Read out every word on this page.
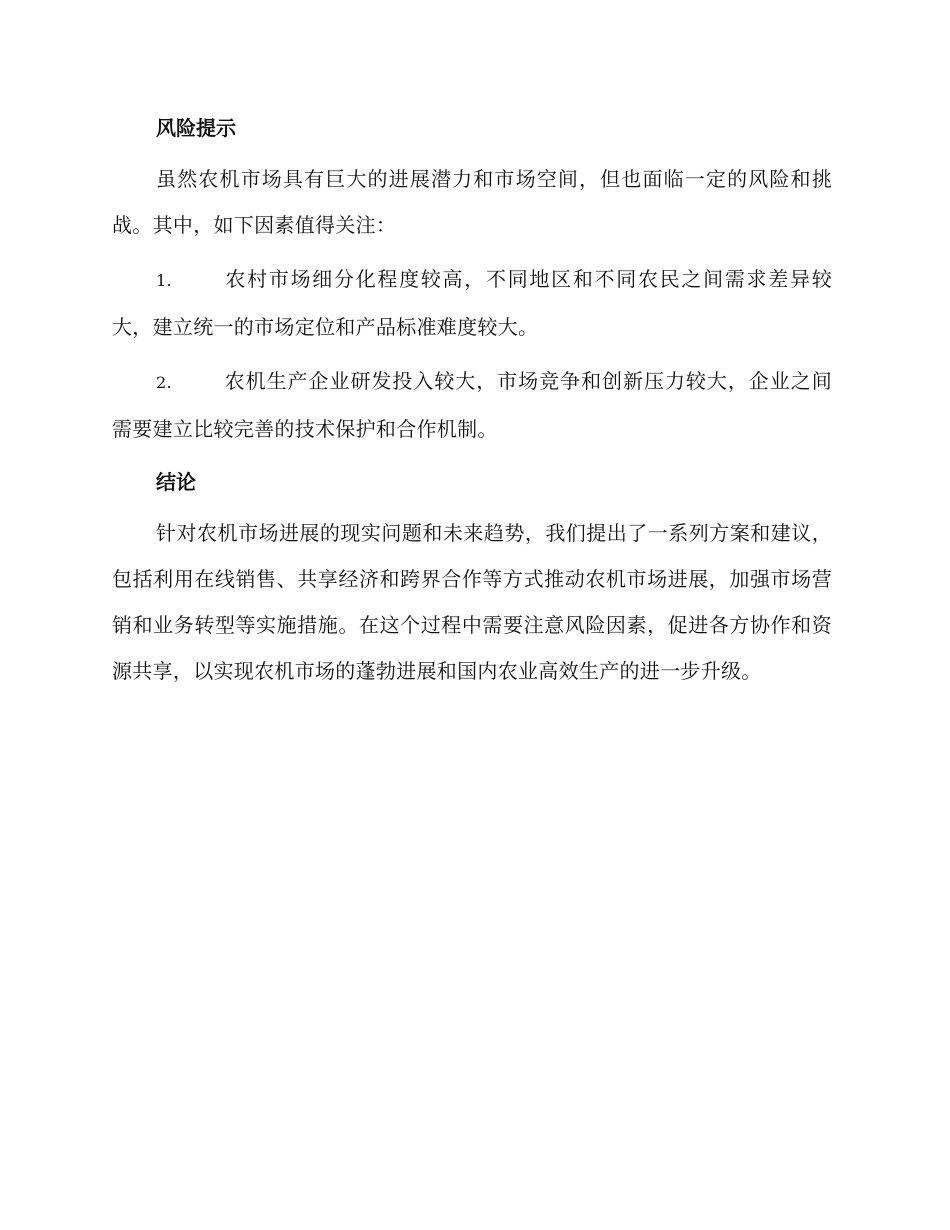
风险提示

虽然农机市场具有巨大的进展潜力和市场空间，但也面临一定的风险和挑战。其中，如下因素值得关注：

1.	农村市场细分化程度较高，不同地区和不同农民之间需求差异较大，建立统一的市场定位和产品标准难度较大。

2.	农机生产企业研发投入较大，市场竞争和创新压力较大，企业之间需要建立比较完善的技术保护和合作机制。

结论

针对农机市场进展的现实问题和未来趋势，我们提出了一系列方案和建议，包括利用在线销售、共享经济和跨界合作等方式推动农机市场进展，加强市场营销和业务转型等实施措施。在这个过程中需要注意风险因素，促进各方协作和资源共享，以实现农机市场的蓬勃进展和国内农业高效生产的进一步升级。
